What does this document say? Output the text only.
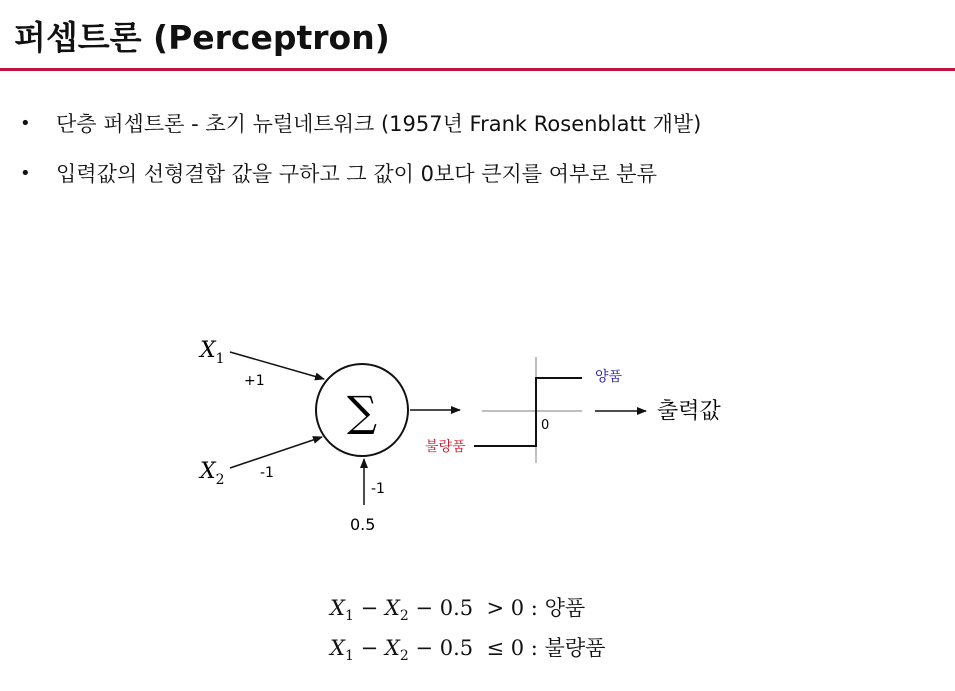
퍼셉트론 (Perceptron)
• 단층 퍼셉트론 - 초기 뉴럴네트워크 (1957년 Frank Rosenblatt 개발)
• 입력값의 선형결합 값을 구하고 그 값이 0보다 큰지를 여부로 분류
$X_1$
+1
$X_2$	-1
-1
0.5
∑	0
양품
불량품
출력값
$X_1 - X_2 - 0.5 > 0$ : 양품
$X_1 - X_2 - 0.5 \le 0$ : 불량품
